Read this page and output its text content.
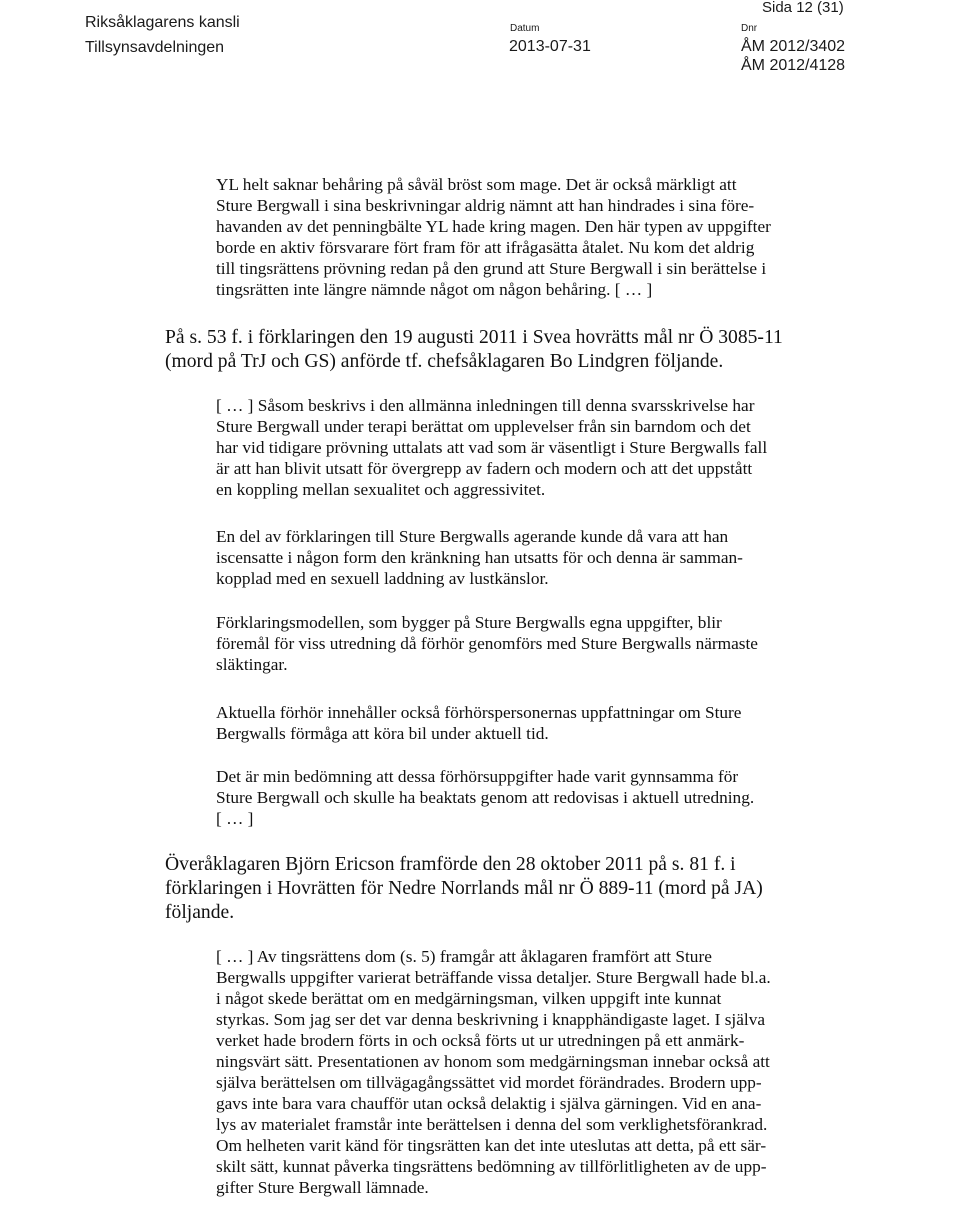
Riksåklagarens kansli
Tillsynsavdelningen
Sida 12 (31)
Datum
2013-07-31
Dnr
ÅM 2012/3402
ÅM 2012/4128
YL helt saknar behåring på såväl bröst som mage. Det är också märkligt att
Sture Bergwall i sina beskrivningar aldrig nämnt att han hindrades i sina före-
havanden av det penningbälte YL hade kring magen. Den här typen av uppgifter
borde en aktiv försvarare fört fram för att ifrågasätta åtalet. Nu kom det aldrig
till tingsrättens prövning redan på den grund att Sture Bergwall i sin berättelse i
tingsrätten inte längre nämnde något om någon behåring. [ … ]
På s. 53 f. i förklaringen den 19 augusti 2011 i Svea hovrätts mål nr Ö 3085-11
(mord på TrJ och GS) anförde tf. chefsåklagaren Bo Lindgren följande.
[ … ] Såsom beskrivs i den allmänna inledningen till denna svarsskrivelse har
Sture Bergwall under terapi berättat om upplevelser från sin barndom och det
har vid tidigare prövning uttalats att vad som är väsentligt i Sture Bergwalls fall
är att han blivit utsatt för övergrepp av fadern och modern och att det uppstått
en koppling mellan sexualitet och aggressivitet.
En del av förklaringen till Sture Bergwalls agerande kunde då vara att han
iscensatte i någon form den kränkning han utsatts för och denna är samman-
kopplad med en sexuell laddning av lustkänslor.
Förklaringsmodellen, som bygger på Sture Bergwalls egna uppgifter, blir
föremål för viss utredning då förhör genomförs med Sture Bergwalls närmaste
släktingar.
Aktuella förhör innehåller också förhörspersonernas uppfattningar om Sture
Bergwalls förmåga att köra bil under aktuell tid.
Det är min bedömning att dessa förhörsuppgifter hade varit gynnsamma för
Sture Bergwall och skulle ha beaktats genom att redovisas i aktuell utredning.
[ … ]
Överåklagaren Björn Ericson framförde den 28 oktober 2011 på s. 81 f. i
förklaringen i Hovrätten för Nedre Norrlands mål nr Ö 889-11 (mord på JA)
följande.
[ … ] Av tingsrättens dom (s. 5) framgår att åklagaren framfört att Sture
Bergwalls uppgifter varierat beträffande vissa detaljer. Sture Bergwall hade bl.a.
i något skede berättat om en medgärningsman, vilken uppgift inte kunnat
styrkas. Som jag ser det var denna beskrivning i knapphändigaste laget. I själva
verket hade brodern förts in och också förts ut ur utredningen på ett anmärk-
ningsvärt sätt. Presentationen av honom som medgärningsman innebar också att
själva berättelsen om tillvägagångssättet vid mordet förändrades. Brodern upp-
gavs inte bara vara chaufför utan också delaktig i själva gärningen. Vid en ana-
lys av materialet framstår inte berättelsen i denna del som verklighetsförankrad.
Om helheten varit känd för tingsrätten kan det inte uteslutas att detta, på ett sär-
skilt sätt, kunnat påverka tingsrättens bedömning av tillförlitligheten av de upp-
gifter Sture Bergwall lämnade.
